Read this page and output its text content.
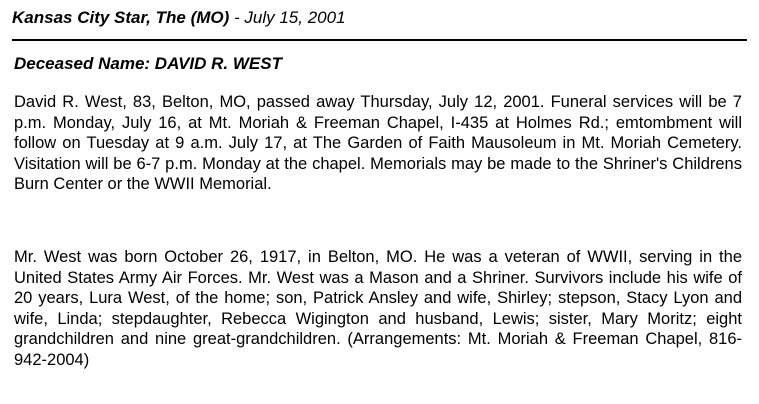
Kansas City Star, The (MO) - July 15, 2001
Deceased Name: DAVID R. WEST

David R. West, 83, Belton, MO, passed away Thursday, July 12, 2001. Funeral services will be 7 p.m. Monday, July 16, at Mt. Moriah & Freeman Chapel, I-435 at Holmes Rd.; emtombment will follow on Tuesday at 9 a.m. July 17, at The Garden of Faith Mausoleum in Mt. Moriah Cemetery. Visitation will be 6-7 p.m. Monday at the chapel. Memorials may be made to the Shriner's Childrens Burn Center or the WWII Memorial.

Mr. West was born October 26, 1917, in Belton, MO. He was a veteran of WWII, serving in the United States Army Air Forces. Mr. West was a Mason and a Shriner. Survivors include his wife of 20 years, Lura West, of the home; son, Patrick Ansley and wife, Shirley; stepson, Stacy Lyon and wife, Linda; stepdaughter, Rebecca Wigington and husband, Lewis; sister, Mary Moritz; eight grandchildren and nine great-grandchildren. (Arrangements: Mt. Moriah & Freeman Chapel, 816-942-2004)
